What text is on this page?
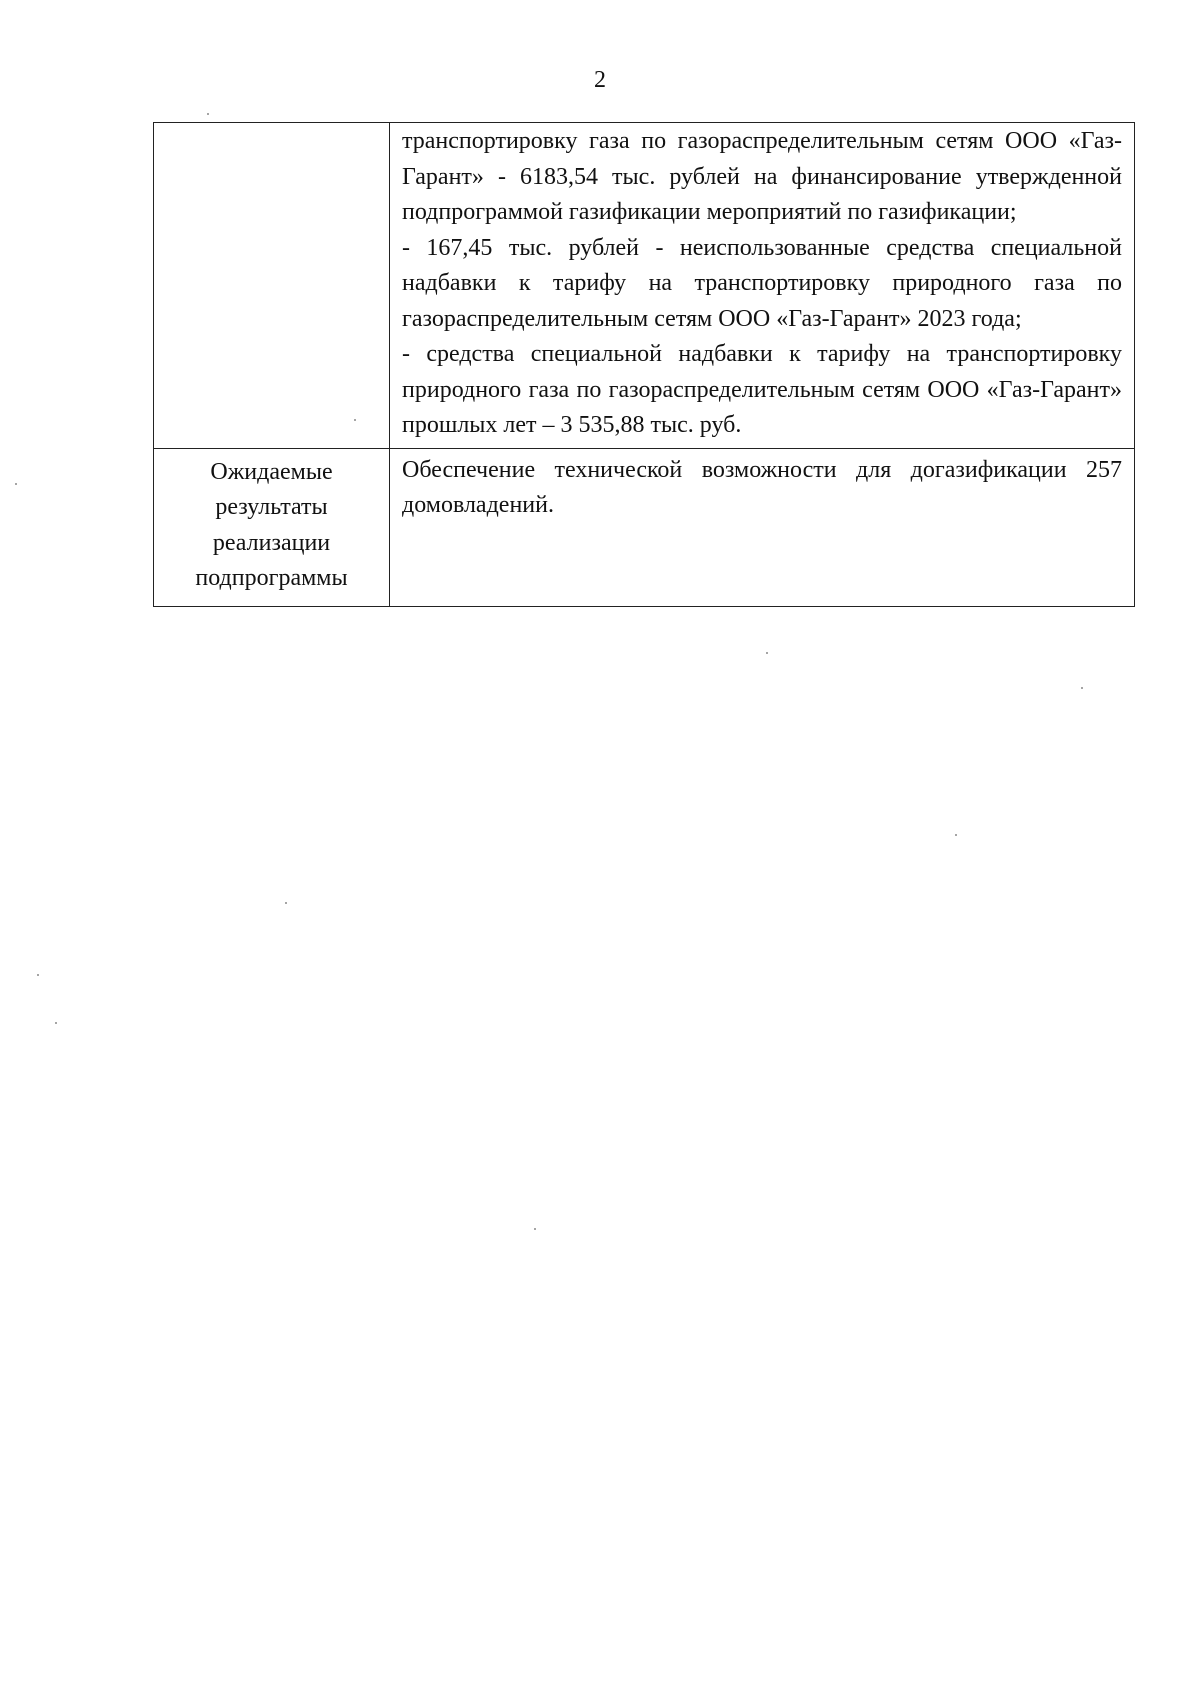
2

	транспортировку газа по газораспределительным сетям ООО «Газ-Гарант» - 6183,54 тыс. рублей на финансирование утвержденной подпрограммой газификации мероприятий по газификации;

- 167,45 тыс. рублей - неиспользованные средства специальной надбавки к тарифу на транспортировку природного газа по газораспределительным сетям ООО «Газ-Гарант» 2023 года;

- средства специальной надбавки к тарифу на транспортировку природного газа по газораспределительным сетям ООО «Газ-Гарант» прошлых лет – 3 535,88 тыс. руб.

Ожидаемые
результаты
реализации
подпрограммы	Обеспечение технической возможности для догазификации 257 домовладений.
